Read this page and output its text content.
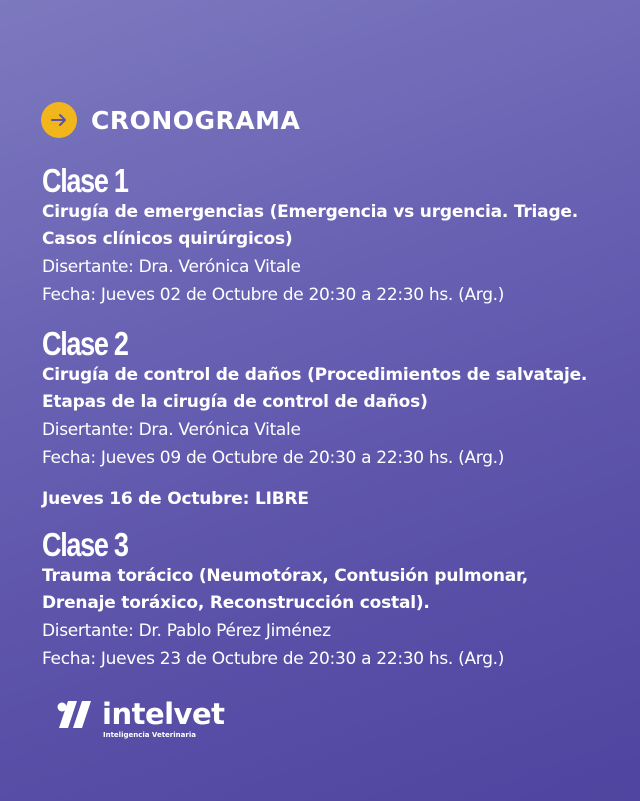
CRONOGRAMA
Clase 1
Cirugía de emergencias (Emergencia vs urgencia. Triage.
Casos clínicos quirúrgicos)
Disertante: Dra. Verónica Vitale
Fecha: Jueves 02 de Octubre de 20:30 a 22:30 hs. (Arg.)
Clase 2
Cirugía de control de daños (Procedimientos de salvataje.
Etapas de la cirugía de control de daños)
Disertante: Dra. Verónica Vitale
Fecha: Jueves 09 de Octubre de 20:30 a 22:30 hs. (Arg.)
Jueves 16 de Octubre: LIBRE
Clase 3
Trauma torácico (Neumotórax, Contusión pulmonar,
Drenaje toráxico, Reconstrucción costal).
Disertante: Dr. Pablo Pérez Jiménez
Fecha: Jueves 23 de Octubre de 20:30 a 22:30 hs. (Arg.)
intelvet
Inteligencia Veterinaria
